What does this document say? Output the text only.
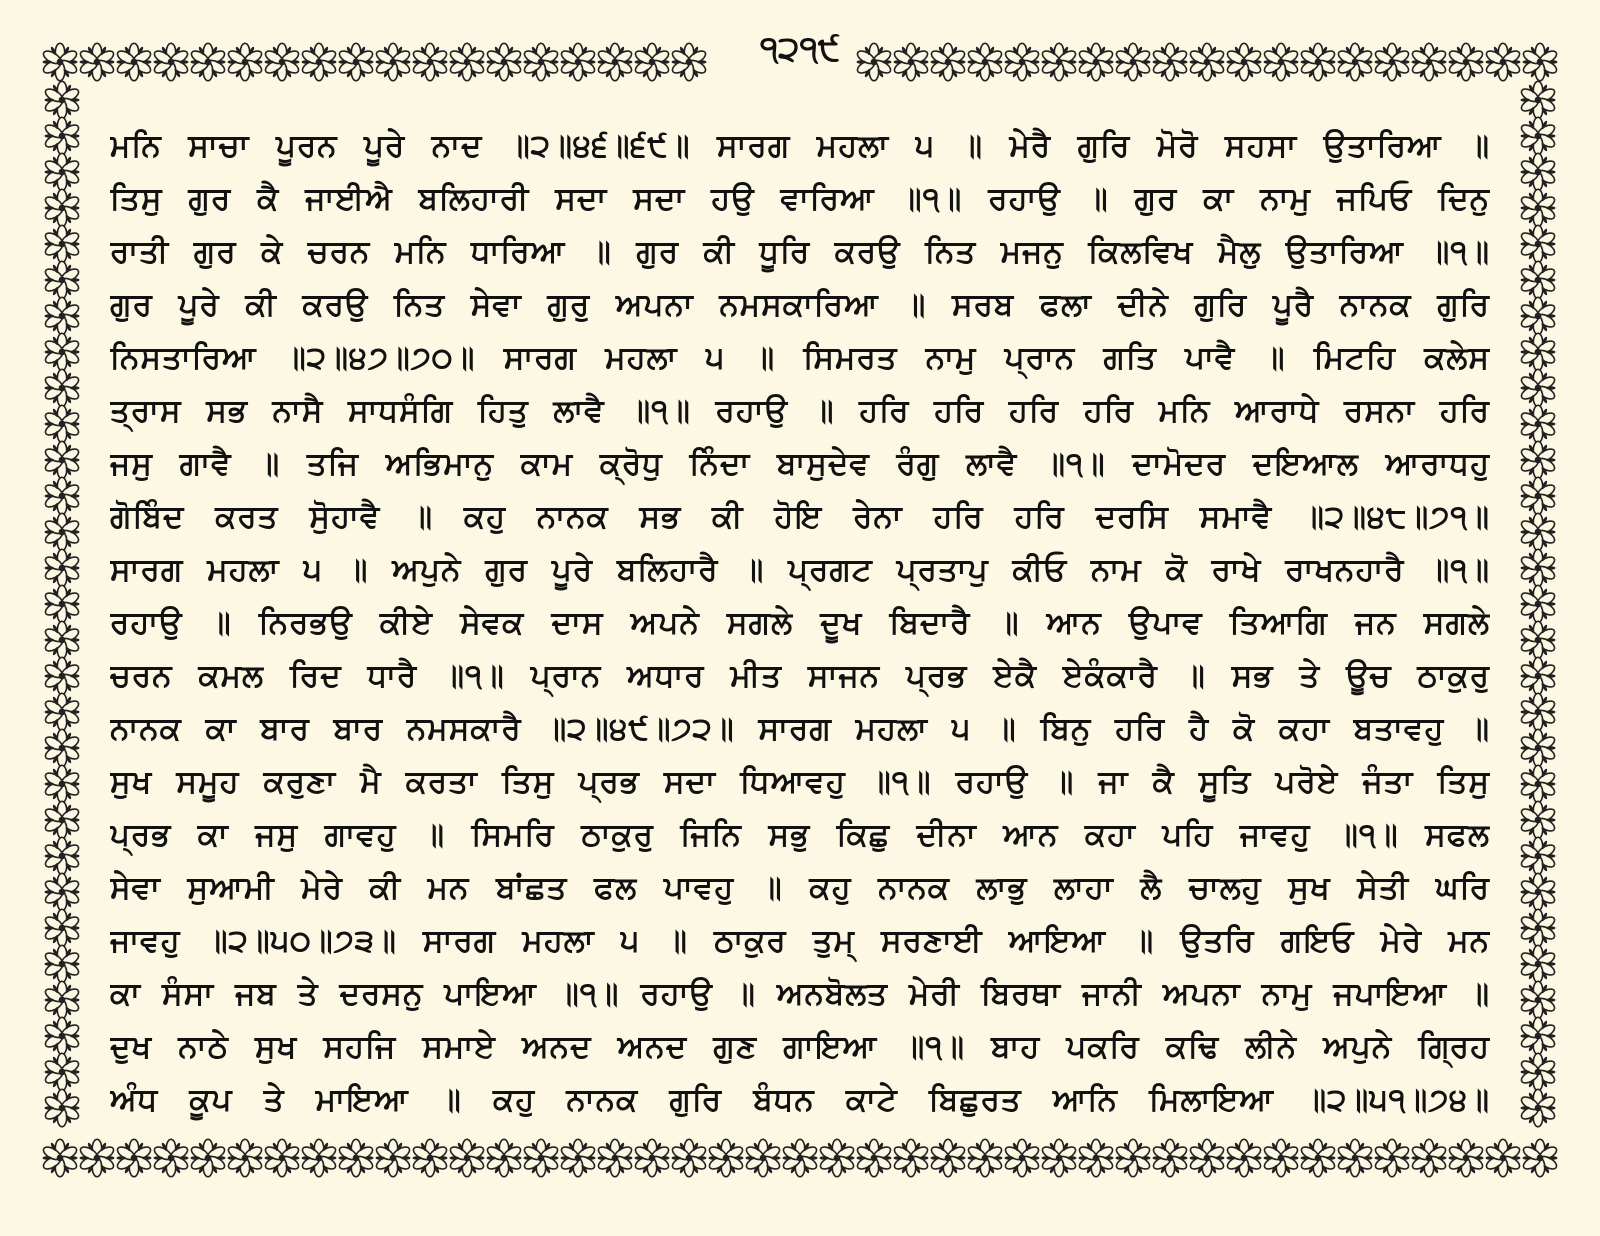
੧੨੧੯
ਮਨਿ ਸਾਚਾ ਪੂਰਨ ਪੂਰੇ ਨਾਦ ॥੨॥੪੬॥੬੯॥ ਸਾਰਗ ਮਹਲਾ ੫ ॥ ਮੇਰੈ ਗੁਰਿ ਮੋਰੋ ਸਹਸਾ ਉਤਾਰਿਆ ॥
ਤਿਸੁ ਗੁਰ ਕੈ ਜਾਈਐ ਬਲਿਹਾਰੀ ਸਦਾ ਸਦਾ ਹਉ ਵਾਰਿਆ ॥੧॥ ਰਹਾਉ ॥ ਗੁਰ ਕਾ ਨਾਮੁ ਜਪਿਓ ਦਿਨੁ
ਰਾਤੀ ਗੁਰ ਕੇ ਚਰਨ ਮਨਿ ਧਾਰਿਆ ॥ ਗੁਰ ਕੀ ਧੂਰਿ ਕਰਉ ਨਿਤ ਮਜਨੁ ਕਿਲਵਿਖ ਮੈਲੁ ਉਤਾਰਿਆ ॥੧॥
ਗੁਰ ਪੂਰੇ ਕੀ ਕਰਉ ਨਿਤ ਸੇਵਾ ਗੁਰੁ ਅਪਨਾ ਨਮਸਕਾਰਿਆ ॥ ਸਰਬ ਫਲਾ ਦੀਨੇ ਗੁਰਿ ਪੂਰੈ ਨਾਨਕ ਗੁਰਿ
ਨਿਸਤਾਰਿਆ ॥੨॥੪੭॥੭੦॥ ਸਾਰਗ ਮਹਲਾ ੫ ॥ ਸਿਮਰਤ ਨਾਮੁ ਪ੍ਰਾਨ ਗਤਿ ਪਾਵੈ ॥ ਮਿਟਹਿ ਕਲੇਸ
ਤ੍ਰਾਸ ਸਭ ਨਾਸੈ ਸਾਧਸੰਗਿ ਹਿਤੁ ਲਾਵੈ ॥੧॥ ਰਹਾਉ ॥ ਹਰਿ ਹਰਿ ਹਰਿ ਹਰਿ ਮਨਿ ਆਰਾਧੇ ਰਸਨਾ ਹਰਿ
ਜਸੁ ਗਾਵੈ ॥ ਤਜਿ ਅਭਿਮਾਨੁ ਕਾਮ ਕ੍ਰੋਧੁ ਨਿੰਦਾ ਬਾਸੁਦੇਵ ਰੰਗੁ ਲਾਵੈ ॥੧॥ ਦਾਮੋਦਰ ਦਇਆਲ ਆਰਾਧਹੁ
ਗੋਬਿੰਦ ਕਰਤ ਸੋੁਹਾਵੈ ॥ ਕਹੁ ਨਾਨਕ ਸਭ ਕੀ ਹੋਇ ਰੇਨਾ ਹਰਿ ਹਰਿ ਦਰਸਿ ਸਮਾਵੈ ॥੨॥੪੮॥੭੧॥
ਸਾਰਗ ਮਹਲਾ ੫ ॥ ਅਪੁਨੇ ਗੁਰ ਪੂਰੇ ਬਲਿਹਾਰੈ ॥ ਪ੍ਰਗਟ ਪ੍ਰਤਾਪੁ ਕੀਓ ਨਾਮ ਕੋ ਰਾਖੇ ਰਾਖਨਹਾਰੈ ॥੧॥
ਰਹਾਉ ॥ ਨਿਰਭਉ ਕੀਏ ਸੇਵਕ ਦਾਸ ਅਪਨੇ ਸਗਲੇ ਦੂਖ ਬਿਦਾਰੈ ॥ ਆਨ ਉਪਾਵ ਤਿਆਗਿ ਜਨ ਸਗਲੇ
ਚਰਨ ਕਮਲ ਰਿਦ ਧਾਰੈ ॥੧॥ ਪ੍ਰਾਨ ਅਧਾਰ ਮੀਤ ਸਾਜਨ ਪ੍ਰਭ ਏਕੈ ਏਕੰਕਾਰੈ ॥ ਸਭ ਤੇ ਊਚ ਠਾਕੁਰੁ
ਨਾਨਕ ਕਾ ਬਾਰ ਬਾਰ ਨਮਸਕਾਰੈ ॥੨॥੪੯॥੭੨॥ ਸਾਰਗ ਮਹਲਾ ੫ ॥ ਬਿਨੁ ਹਰਿ ਹੈ ਕੋ ਕਹਾ ਬਤਾਵਹੁ ॥
ਸੁਖ ਸਮੂਹ ਕਰੁਣਾ ਮੈ ਕਰਤਾ ਤਿਸੁ ਪ੍ਰਭ ਸਦਾ ਧਿਆਵਹੁ ॥੧॥ ਰਹਾਉ ॥ ਜਾ ਕੈ ਸੂਤਿ ਪਰੋਏ ਜੰਤਾ ਤਿਸੁ
ਪ੍ਰਭ ਕਾ ਜਸੁ ਗਾਵਹੁ ॥ ਸਿਮਰਿ ਠਾਕੁਰੁ ਜਿਨਿ ਸਭੁ ਕਿਛੁ ਦੀਨਾ ਆਨ ਕਹਾ ਪਹਿ ਜਾਵਹੁ ॥੧॥ ਸਫਲ
ਸੇਵਾ ਸੁਆਮੀ ਮੇਰੇ ਕੀ ਮਨ ਬਾਂਛਤ ਫਲ ਪਾਵਹੁ ॥ ਕਹੁ ਨਾਨਕ ਲਾਭੁ ਲਾਹਾ ਲੈ ਚਾਲਹੁ ਸੁਖ ਸੇਤੀ ਘਰਿ
ਜਾਵਹੁ ॥੨॥੫੦॥੭੩॥ ਸਾਰਗ ਮਹਲਾ ੫ ॥ ਠਾਕੁਰ ਤੁਮ੍ ਸਰਣਾਈ ਆਇਆ ॥ ਉਤਰਿ ਗਇਓ ਮੇਰੇ ਮਨ
ਕਾ ਸੰਸਾ ਜਬ ਤੇ ਦਰਸਨੁ ਪਾਇਆ ॥੧॥ ਰਹਾਉ ॥ ਅਨਬੋਲਤ ਮੇਰੀ ਬਿਰਥਾ ਜਾਨੀ ਅਪਨਾ ਨਾਮੁ ਜਪਾਇਆ ॥
ਦੁਖ ਨਾਠੇ ਸੁਖ ਸਹਜਿ ਸਮਾਏ ਅਨਦ ਅਨਦ ਗੁਣ ਗਾਇਆ ॥੧॥ ਬਾਹ ਪਕਰਿ ਕਢਿ ਲੀਨੇ ਅਪੁਨੇ ਗ੍ਰਿਹ
ਅੰਧ ਕੂਪ ਤੇ ਮਾਇਆ ॥ ਕਹੁ ਨਾਨਕ ਗੁਰਿ ਬੰਧਨ ਕਾਟੇ ਬਿਛੁਰਤ ਆਨਿ ਮਿਲਾਇਆ ॥੨॥੫੧॥੭੪॥
